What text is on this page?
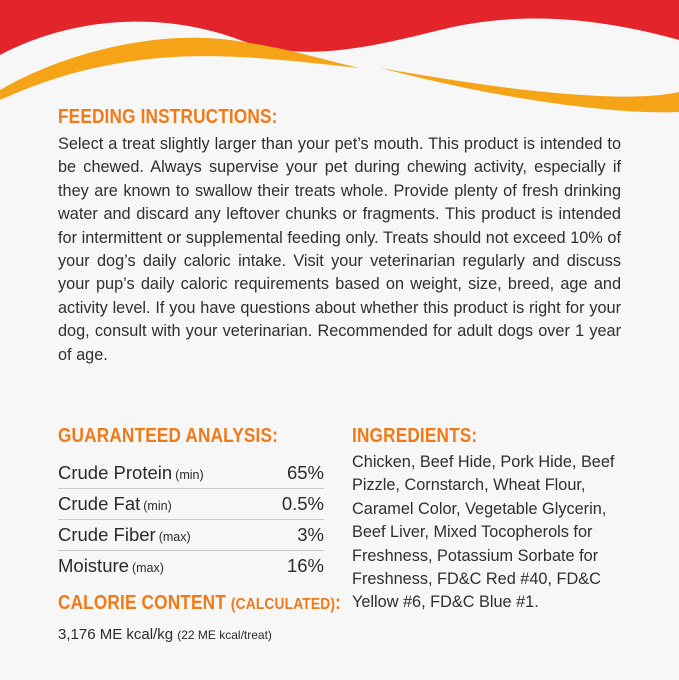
FEEDING INSTRUCTIONS:
Select a treat slightly larger than your pet’s mouth. This product is intended to be chewed. Always supervise your pet during chewing activity, especially if they are known to swallow their treats whole. Provide plenty of fresh drinking water and discard any leftover chunks or fragments. This product is intended for intermittent or supplemental feeding only. Treats should not exceed 10% of your dog’s daily caloric intake. Visit your veterinarian regularly and discuss your pup’s daily caloric requirements based on weight, size, breed, age and activity level. If you have questions about whether this product is right for your dog, consult with your veterinarian. Recommended for adult dogs over 1 year of age.
GUARANTEED ANALYSIS:
Crude Protein (min)	65%
Crude Fat (min)	0.5%
Crude Fiber (max)	3%
Moisture (max)	16%
CALORIE CONTENT (CALCULATED):
3,176 ME kcal/kg (22 ME kcal/treat)
INGREDIENTS:
Chicken, Beef Hide, Pork Hide, Beef Pizzle, Cornstarch, Wheat Flour, Caramel Color, Vegetable Glycerin, Beef Liver, Mixed Tocopherols for Freshness, Potassium Sorbate for Freshness, FD&C Red #40, FD&C Yellow #6, FD&C Blue #1.
